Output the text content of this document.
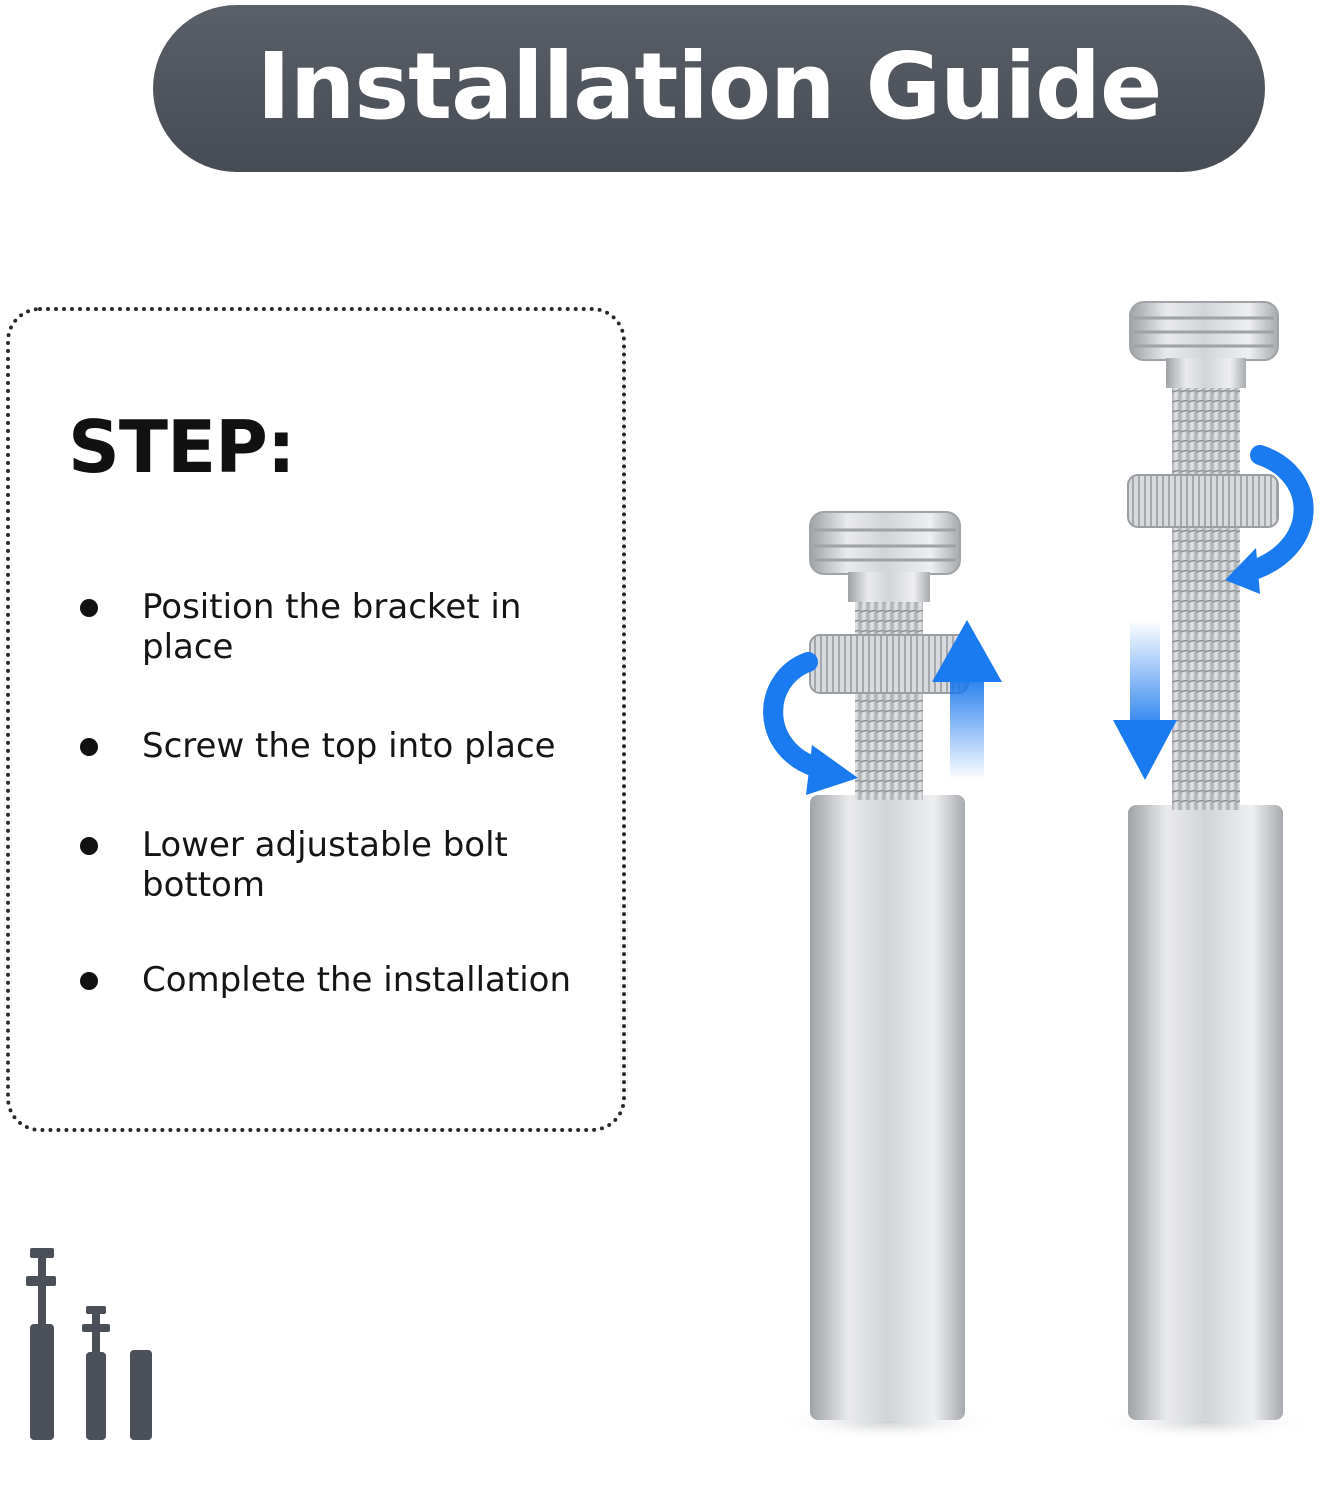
Installation Guide
STEP:
Position the bracket in place
Screw the top into place
Lower adjustable bolt bottom
Complete the installation
